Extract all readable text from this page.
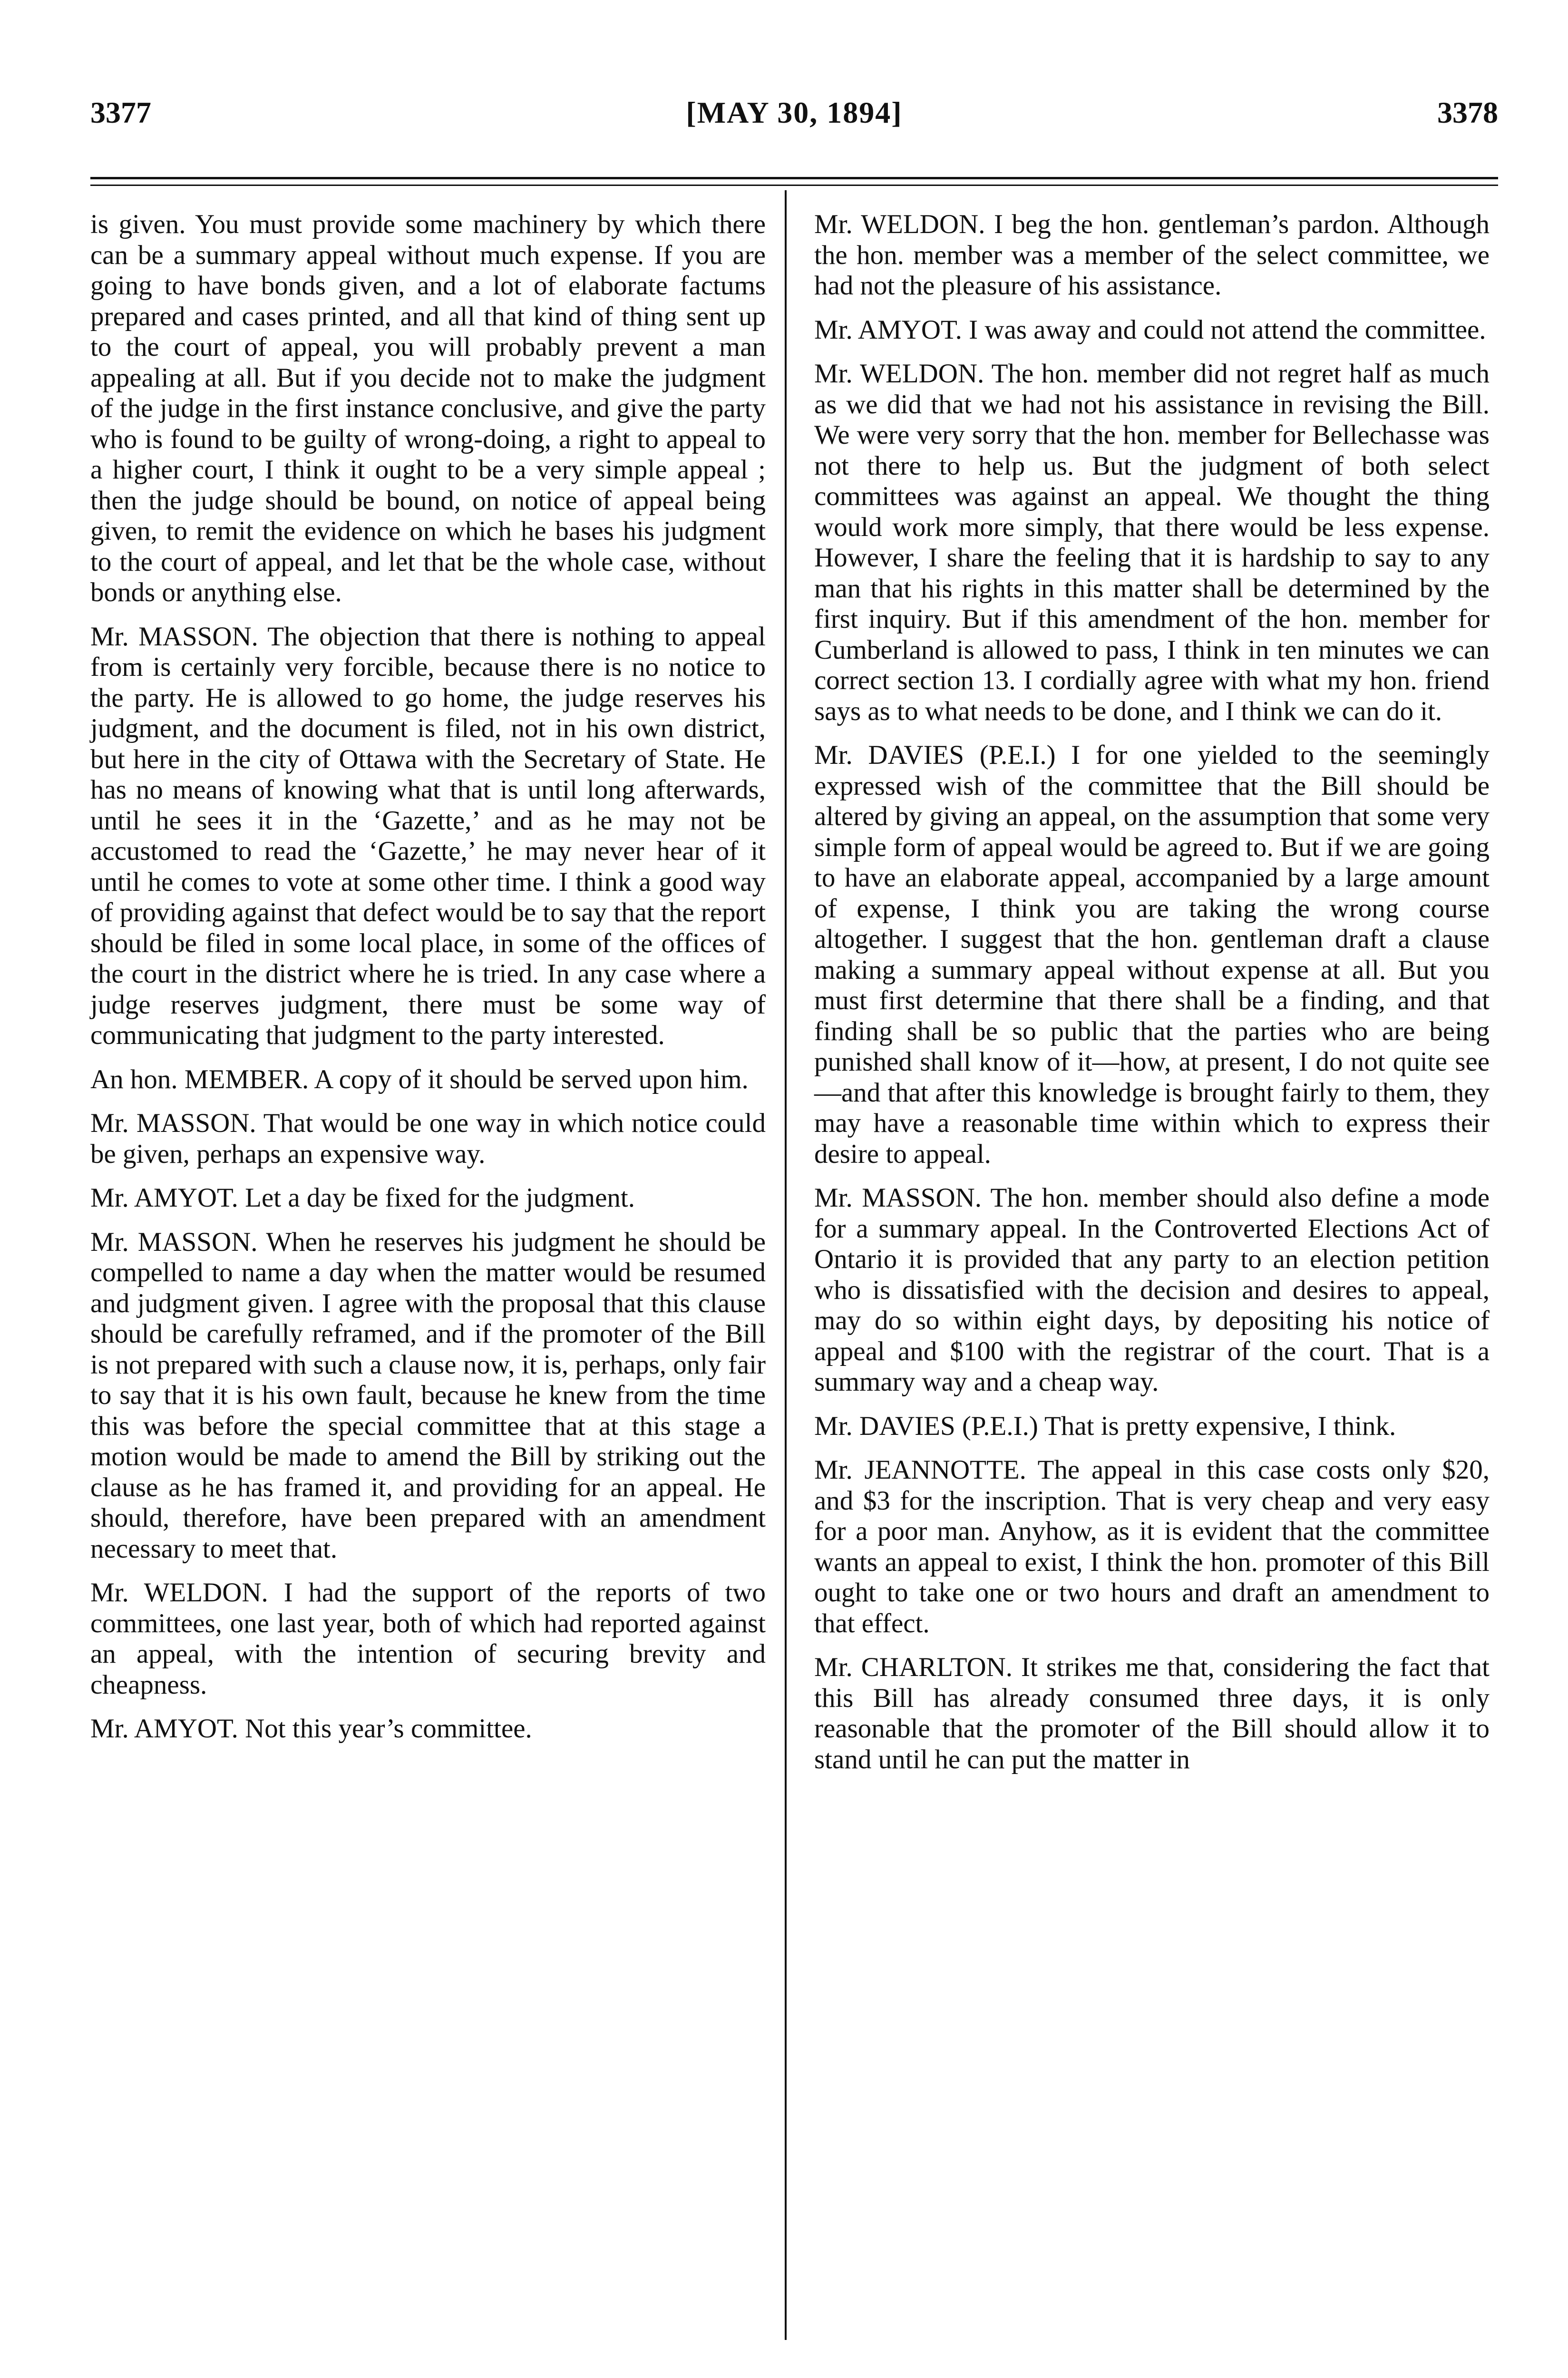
3377	[MAY 30, 1894]	3378

is given. You must provide some machinery by which there can be a summary appeal without much expense. If you are going to have bonds given, and a lot of elaborate factums prepared and cases printed, and all that kind of thing sent up to the court of appeal, you will probably prevent a man appealing at all. But if you decide not to make the judgment of the judge in the first instance conclusive, and give the party who is found to be guilty of wrong-doing, a right to appeal to a higher court, I think it ought to be a very simple appeal ; then the judge should be bound, on notice of appeal being given, to remit the evidence on which he bases his judgment to the court of appeal, and let that be the whole case, without bonds or anything else.

Mr. MASSON. The objection that there is nothing to appeal from is certainly very forcible, because there is no notice to the party. He is allowed to go home, the judge reserves his judgment, and the document is filed, not in his own district, but here in the city of Ottawa with the Secretary of State. He has no means of knowing what that is until long afterwards, until he sees it in the ‘Gazette,’ and as he may not be accustomed to read the ‘Gazette,’ he may never hear of it until he comes to vote at some other time. I think a good way of providing against that defect would be to say that the report should be filed in some local place, in some of the offices of the court in the district where he is tried. In any case where a judge reserves judgment, there must be some way of communicating that judgment to the party interested.

An hon. MEMBER. A copy of it should be served upon him.

Mr. MASSON. That would be one way in which notice could be given, perhaps an expensive way.

Mr. AMYOT. Let a day be fixed for the judgment.

Mr. MASSON. When he reserves his judgment he should be compelled to name a day when the matter would be resumed and judgment given. I agree with the proposal that this clause should be carefully reframed, and if the promoter of the Bill is not prepared with such a clause now, it is, perhaps, only fair to say that it is his own fault, because he knew from the time this was before the special committee that at this stage a motion would be made to amend the Bill by striking out the clause as he has framed it, and providing for an appeal. He should, therefore, have been prepared with an amendment necessary to meet that.

Mr. WELDON. I had the support of the reports of two committees, one last year, both of which had reported against an appeal, with the intention of securing brevity and cheapness.

Mr. AMYOT. Not this year’s committee.

Mr. WELDON. I beg the hon. gentleman’s pardon. Although the hon. member was a member of the select committee, we had not the pleasure of his assistance.

Mr. AMYOT. I was away and could not attend the committee.

Mr. WELDON. The hon. member did not regret half as much as we did that we had not his assistance in revising the Bill. We were very sorry that the hon. member for Bellechasse was not there to help us. But the judgment of both select committees was against an appeal. We thought the thing would work more simply, that there would be less expense. However, I share the feeling that it is hardship to say to any man that his rights in this matter shall be determined by the first inquiry. But if this amendment of the hon. member for Cumberland is allowed to pass, I think in ten minutes we can correct section 13. I cordially agree with what my hon. friend says as to what needs to be done, and I think we can do it.

Mr. DAVIES (P.E.I.) I for one yielded to the seemingly expressed wish of the committee that the Bill should be altered by giving an appeal, on the assumption that some very simple form of appeal would be agreed to. But if we are going to have an elaborate appeal, accompanied by a large amount of expense, I think you are taking the wrong course altogether. I suggest that the hon. gentleman draft a clause making a summary appeal without expense at all. But you must first determine that there shall be a finding, and that finding shall be so public that the parties who are being punished shall know of it—how, at present, I do not quite see—and that after this knowledge is brought fairly to them, they may have a reasonable time within which to express their desire to appeal.

Mr. MASSON. The hon. member should also define a mode for a summary appeal. In the Controverted Elections Act of Ontario it is provided that any party to an election petition who is dissatisfied with the decision and desires to appeal, may do so within eight days, by depositing his notice of appeal and $100 with the registrar of the court. That is a summary way and a cheap way.

Mr. DAVIES (P.E.I.) That is pretty expensive, I think.

Mr. JEANNOTTE. The appeal in this case costs only $20, and $3 for the inscription. That is very cheap and very easy for a poor man. Anyhow, as it is evident that the committee wants an appeal to exist, I think the hon. promoter of this Bill ought to take one or two hours and draft an amendment to that effect.

Mr. CHARLTON. It strikes me that, considering the fact that this Bill has already consumed three days, it is only reasonable that the promoter of the Bill should allow it to stand until he can put the matter in
